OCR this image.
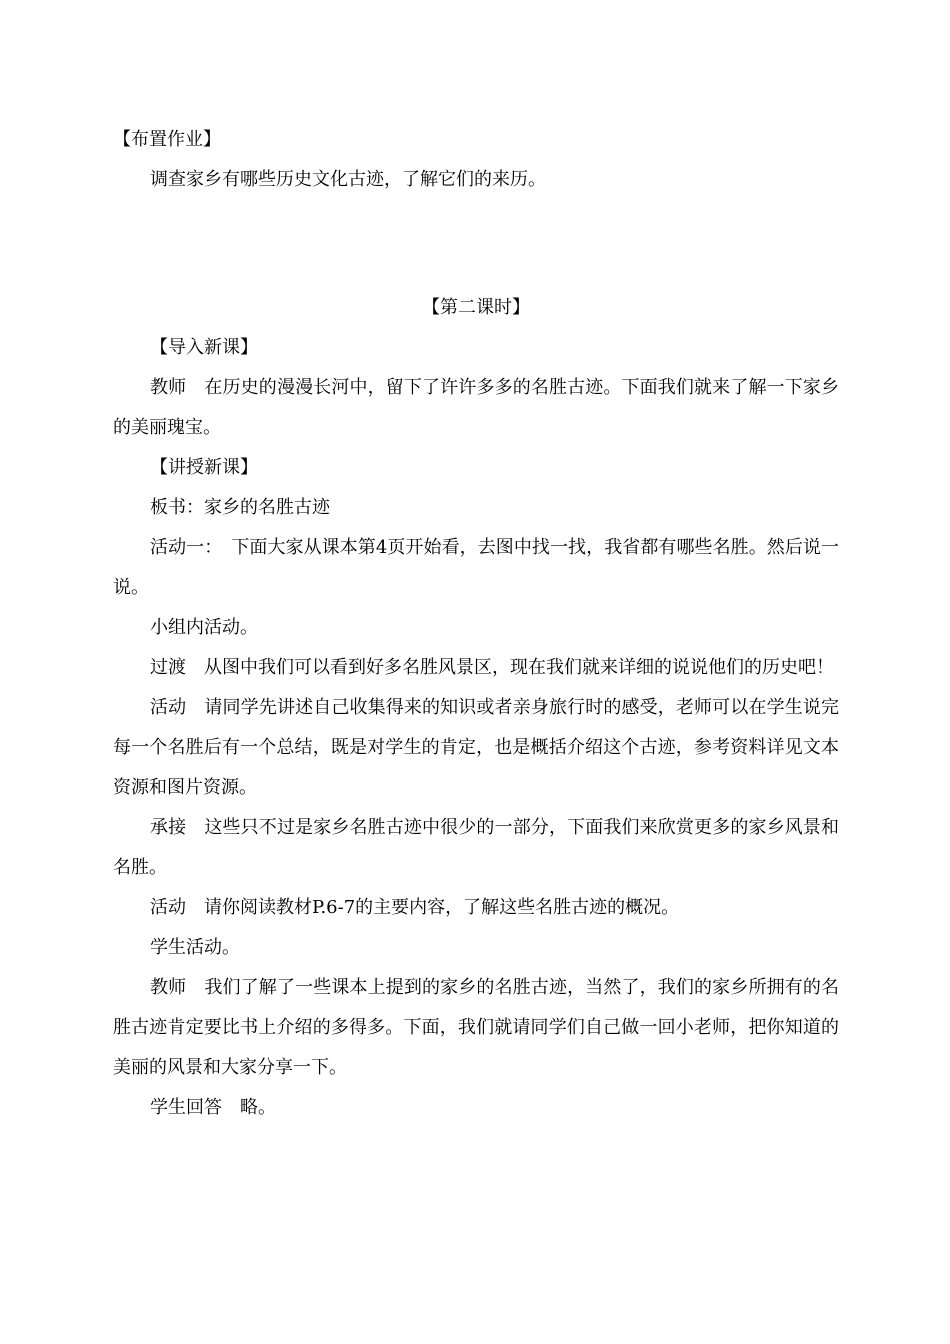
【布置作业】

调查家乡有哪些历史文化古迹，了解它们的来历。

【第二课时】

【导入新课】

教师　在历史的漫漫长河中，留下了许许多多的名胜古迹。下面我们就来了解一下家乡的美丽瑰宝。

【讲授新课】

板书：家乡的名胜古迹

活动一：　下面大家从课本第4页开始看，去图中找一找，我省都有哪些名胜。然后说一说。

小组内活动。

过渡　从图中我们可以看到好多名胜风景区，现在我们就来详细的说说他们的历史吧！

活动　请同学先讲述自己收集得来的知识或者亲身旅行时的感受，老师可以在学生说完每一个名胜后有一个总结，既是对学生的肯定，也是概括介绍这个古迹，参考资料详见文本资源和图片资源。

承接　这些只不过是家乡名胜古迹中很少的一部分，下面我们来欣赏更多的家乡风景和名胜。

活动　请你阅读教材P.6-7的主要内容，了解这些名胜古迹的概况。

学生活动。

教师　我们了解了一些课本上提到的家乡的名胜古迹，当然了，我们的家乡所拥有的名胜古迹肯定要比书上介绍的多得多。下面，我们就请同学们自己做一回小老师，把你知道的美丽的风景和大家分享一下。

学生回答　略。
